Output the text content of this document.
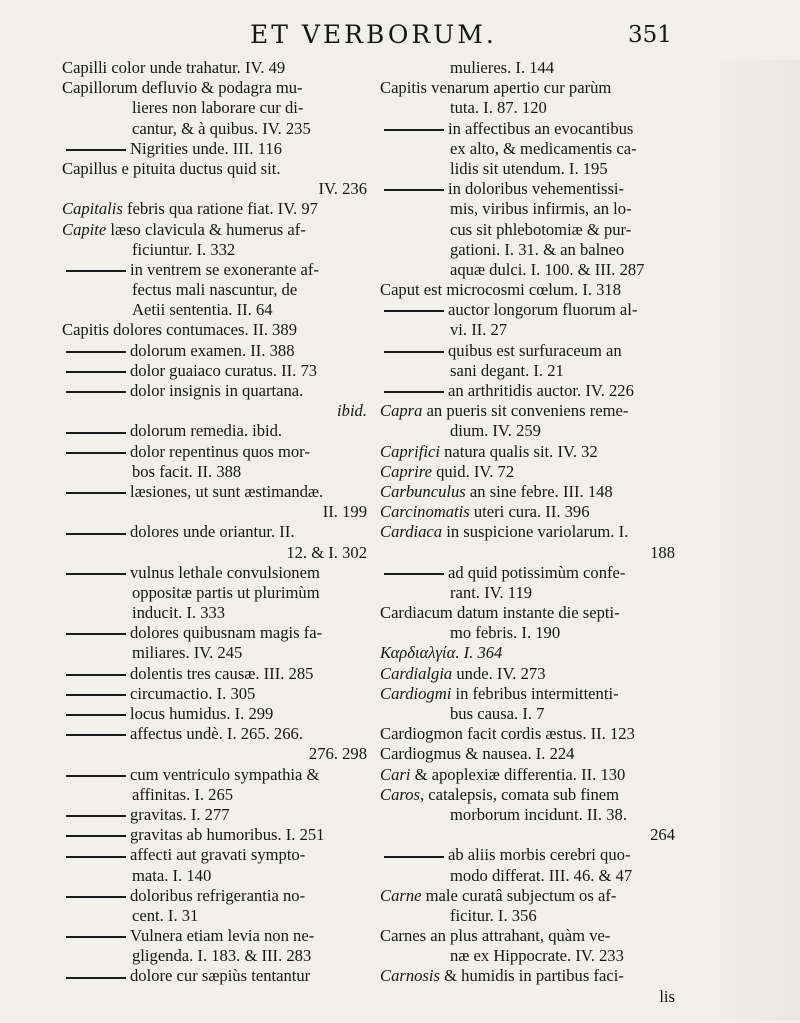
ET VERBORUM.	351
Capilli color unde trahatur. IV. 49
Capillorum defluvio & podagra mu-
lieres non laborare cur di-
cantur, & à quibus. IV. 235
Nigrities unde. III. 116
Capillus e pituita ductus quid sit.
IV. 236
Capitalis febris qua ratione fiat. IV. 97
Capite læso clavicula & humerus af-
ficiuntur. I. 332
in ventrem se exonerante af-
fectus mali nascuntur, de
Aetii sententia. II. 64
Capitis dolores contumaces. II. 389
dolorum examen. II. 388
dolor guaiaco curatus. II. 73
dolor insignis in quartana.
ibid.
dolorum remedia. ibid.
dolor repentinus quos mor-
bos facit. II. 388
læsiones, ut sunt æstimandæ.
II. 199
dolores unde oriantur. II.
12. & I. 302
vulnus lethale convulsionem
oppositæ partis ut plurimùm
inducit. I. 333
dolores quibusnam magis fa-
miliares. IV. 245
dolentis tres causæ. III. 285
circumactio. I. 305
locus humidus. I. 299
affectus undè. I. 265. 266.
276. 298
cum ventriculo sympathia &
affinitas. I. 265
gravitas. I. 277
gravitas ab humoribus. I. 251
affecti aut gravati sympto-
mata. I. 140
doloribus refrigerantia no-
cent. I. 31
Vulnera etiam levia non ne-
gligenda. I. 183. & III. 283
dolore cur sæpiùs tentantur
mulieres. I. 144
Capitis venarum apertio cur parùm
tuta. I. 87. 120
in affectibus an evocantibus
ex alto, & medicamentis ca-
lidis sit utendum. I. 195
in doloribus vehementissi-
mis, viribus infirmis, an lo-
cus sit phlebotomiæ & pur-
gationi. I. 31. & an balneo
aquæ dulci. I. 100. & III. 287
Caput est microcosmi cœlum. I. 318
auctor longorum fluorum al-
vi. II. 27
quibus est surfuraceum an
sani degant. I. 21
an arthritidis auctor. IV. 226
Capra an pueris sit conveniens reme-
dium. IV. 259
Caprifici natura qualis sit. IV. 32
Caprire quid. IV. 72
Carbunculus an sine febre. III. 148
Carcinomatis uteri cura. II. 396
Cardiaca in suspicione variolarum. I.
188
ad quid potissimùm confe-
rant. IV. 119
Cardiacum datum instante die septi-
mo febris. I. 190
Καρδιαλγία. I. 364
Cardialgia unde. IV. 273
Cardiogmi in febribus intermittenti-
bus causa. I. 7
Cardiogmon facit cordis æstus. II. 123
Cardiogmus & nausea. I. 224
Cari & apoplexiæ differentia. II. 130
Caros, catalepsis, comata sub finem
morborum incidunt. II. 38.
264
ab aliis morbis cerebri quo-
modo differat. III. 46. & 47
Carne male curatâ subjectum os af-
ficitur. I. 356
Carnes an plus attrahant, quàm ve-
næ ex Hippocrate. IV. 233
Carnosis & humidis in partibus faci-
lis
